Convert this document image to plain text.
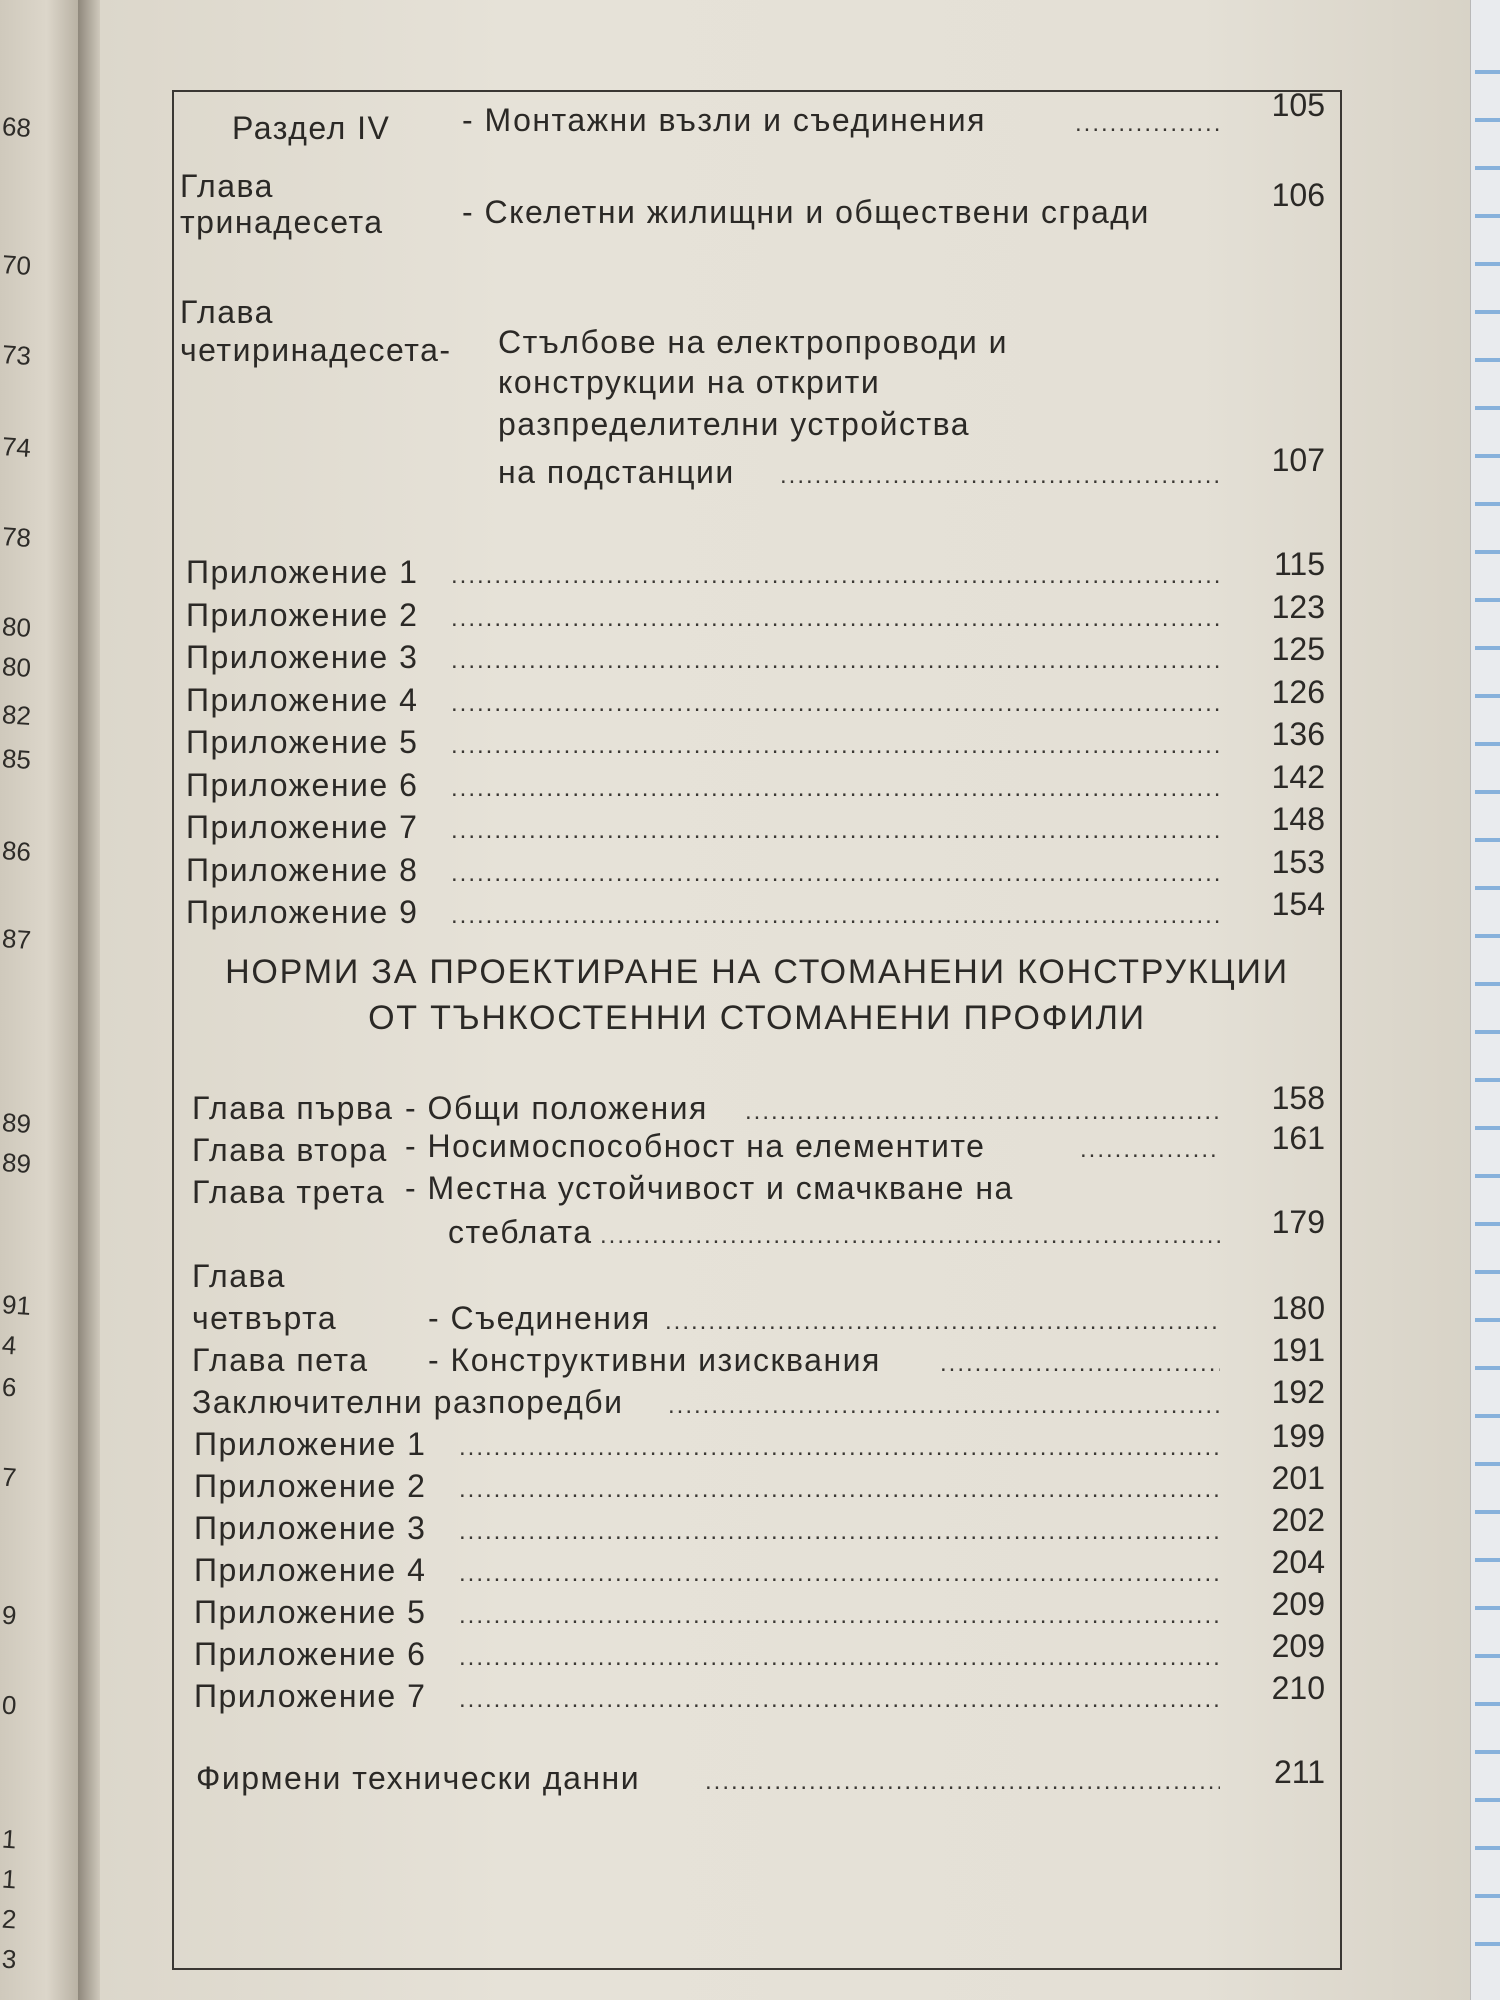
68
70
73
74
78
80
80
82
85
86
87
89
89
91
4
6
7
9
0
1
1
2
3
Раздел IV - Монтажни възли и съединения .....	105
Глава
тринадесета - Скелетни жилищни и обществени сгради	106
Глава
четиринадесета- Стълбове на електропроводи и
конструкции на открити
разпределителни устройства
на подстанции .....	107
Приложение 1 .....	115
Приложение 2 .....	123
Приложение 3 .....	125
Приложение 4 .....	126
Приложение 5 .....	136
Приложение 6 .....	142
Приложение 7 .....	148
Приложение 8 .....	153
Приложение 9 .....	154
НОРМИ ЗА ПРОЕКТИРАНЕ НА СТОМАНЕНИ КОНСТРУКЦИИ
ОТ ТЪНКОСТЕННИ СТОМАНЕНИ ПРОФИЛИ
Глава първа - Общи положения .....	158
Глава втора - Носимоспособност на елементите .....	161
Глава трета - Местна устойчивост и смачкване на
стеблата .....	179
Глава
четвърта	- Съединения .....	180
Глава пета - Конструктивни изисквания .....	191
Заключителни разпоредби .....	192
Приложение 1 .....	199
Приложение 2 .....	201
Приложение 3 .....	202
Приложение 4 .....	204
Приложение 5 .....	209
Приложение 6 .....	209
Приложение 7 .....	210
Фирмени технически данни .....	211
